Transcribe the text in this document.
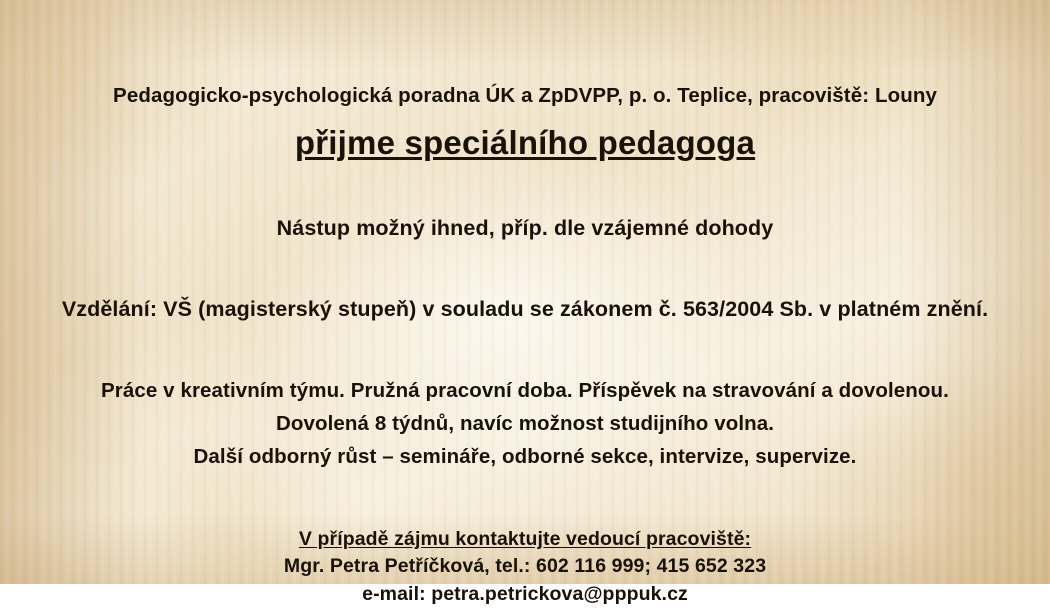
Pedagogicko-psychologická poradna ÚK a ZpDVPP, p. o. Teplice, pracoviště: Louny
přijme speciálního pedagoga
Nástup možný ihned, příp. dle vzájemné dohody
Vzdělání: VŠ (magisterský stupeň) v souladu se zákonem č. 563/2004 Sb. v platném znění.
Práce v kreativním týmu. Pružná pracovní doba. Příspěvek na stravování a dovolenou.
Dovolená 8 týdnů, navíc možnost studijního volna.
Další odborný růst – semináře, odborné sekce, intervize, supervize.
V případě zájmu kontaktujte vedoucí pracoviště:
Mgr. Petra Petříčková, tel.: 602 116 999; 415 652 323
e-mail: petra.petrickova@pppuk.cz
